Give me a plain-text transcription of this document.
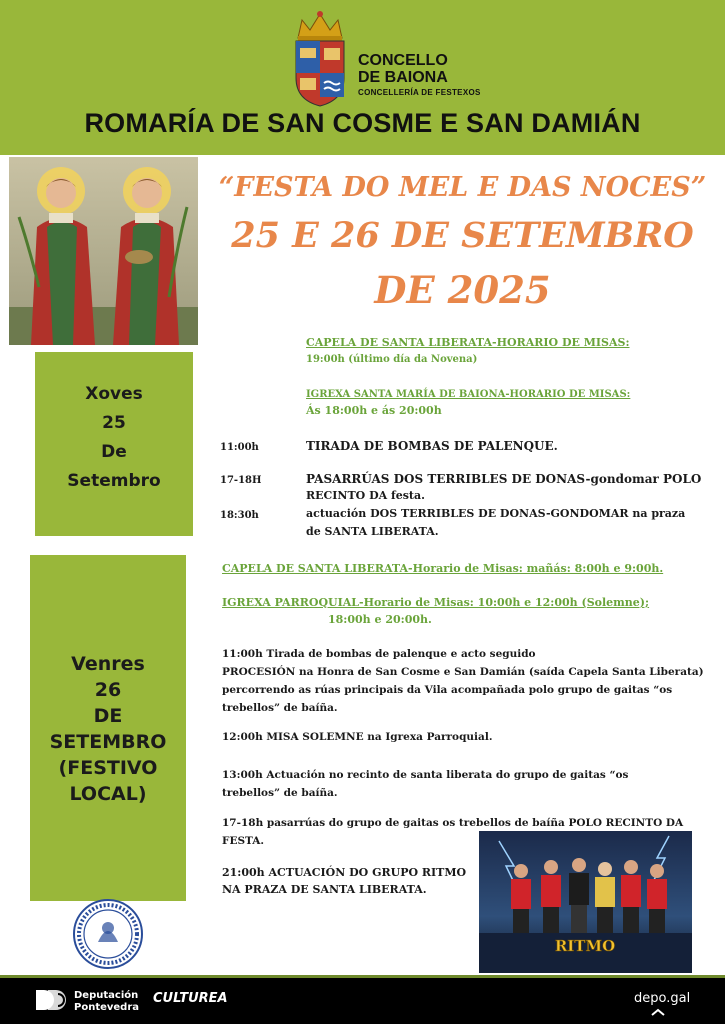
CONCELLO
DE BAIONA
CONCELLERÍA DE FESTEXOS
ROMARÍA DE SAN COSME E SAN DAMIÁN
“FESTA DO MEL E DAS NOCES”
25 E 26 DE SETEMBRO
DE 2025
Xoves
25
De
Setembro
CAPELA DE SANTA LIBERATA-HORARIO DE MISAS:
19:00h (último día da Novena)
IGREXA SANTA MARÍA DE BAIONA-HORARIO DE MISAS:
Ás 18:00h e ás 20:00h
11:00h	TIRADA DE BOMBAS DE PALENQUE.
17-18H	PASARRÚAS DOS TERRIBLES DE DONAS-gondomar POLO
RECINTO DA festa.
18:30h	actuación DOS TERRIBLES DE DONAS-GONDOMAR na praza
de SANTA LIBERATA.
Venres
26
DE
SETEMBRO
(FESTIVO
LOCAL)
CAPELA DE SANTA LIBERATA-Horario de Misas: mañás: 8:00h e 9:00h.
IGREXA PARROQUIAL-Horario de Misas: 10:00h e 12:00h (Solemne);
18:00h e 20:00h.
11:00h Tirada de bombas de palenque e acto seguido
PROCESIÓN na Honra de San Cosme e San Damián (saída Capela Santa Liberata)
percorrendo as rúas principais da Vila acompañada polo grupo de gaitas “os
trebellos” de baíña.
12:00h MISA SOLEMNE na Igrexa Parroquial.
13:00h Actuación no recinto de santa liberata do grupo de gaitas “os
trebellos” de baíña.
17-18h pasarrúas do grupo de gaitas os trebellos de baíña POLO RECINTO DA
FESTA.
21:00h ACTUACIÓN DO GRUPO RITMO
NA PRAZA DE SANTA LIBERATA.
RITMO
Deputación
Pontevedra
CULTUREA	depo.gal
